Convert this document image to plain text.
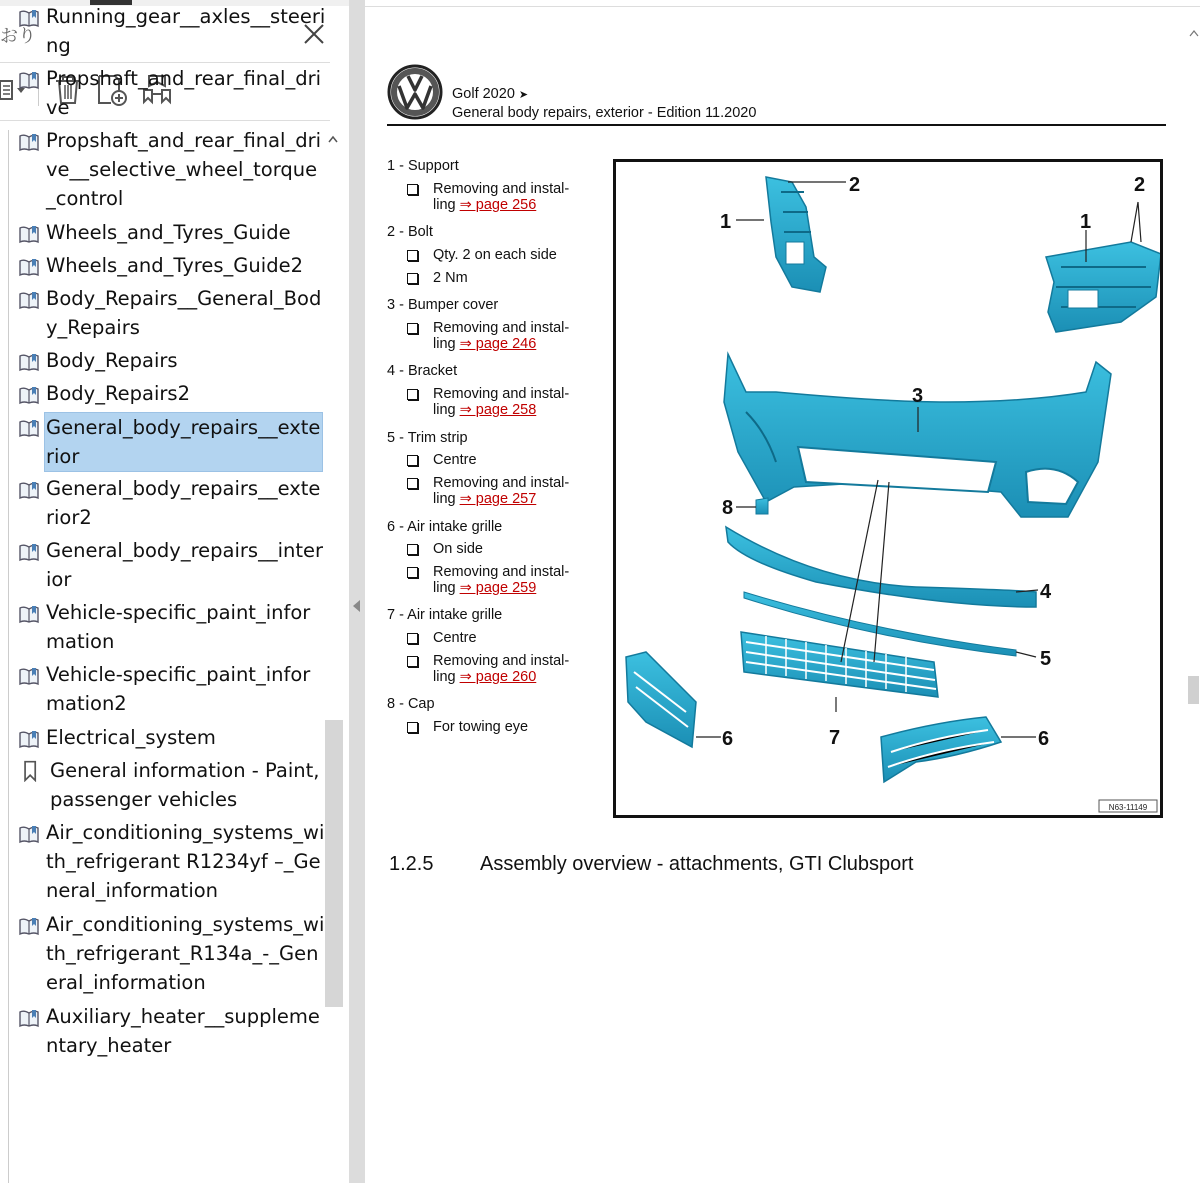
おり
Running_gear__axles__steering
Propshaft_and_rear_final_drive
Propshaft_and_rear_final_drive__selective_wheel_torque_control
Wheels_and_Tyres_Guide
Wheels_and_Tyres_Guide2
Body_Repairs__General_Body_Repairs
Body_Repairs
Body_Repairs2
General_body_repairs__exterior
General_body_repairs__exterior2
General_body_repairs__interior
Vehicle-specific_paint_information
Vehicle-specific_paint_information2
Electrical_system
General information - Paint, passenger vehicles
Air_conditioning_systems_with_refrigerant R1234yf –_General_information
Air_conditioning_systems_with_refrigerant_R134a_-_General_information
Auxiliary_heater__supplementary_heater
Golf 2020 ➤
General body repairs, exterior - Edition 11.2020
1 - Support
Removing and instal-
ling ⇒ page 256
2 - Bolt
Qty. 2 on each side
2 Nm
3 - Bumper cover
Removing and instal-
ling ⇒ page 246
4 - Bracket
Removing and instal-
ling ⇒ page 258
5 - Trim strip
Centre
Removing and instal-
ling ⇒ page 257
6 - Air intake grille
On side
Removing and instal-
ling ⇒ page 259
7 - Air intake grille
Centre
Removing and instal-
ling ⇒ page 260
8 - Cap
For towing eye
2
1
2
1
3
8
4
5
6	7	6
N63-11149
1.2.5 Assembly overview - attachments, GTI Clubsport
